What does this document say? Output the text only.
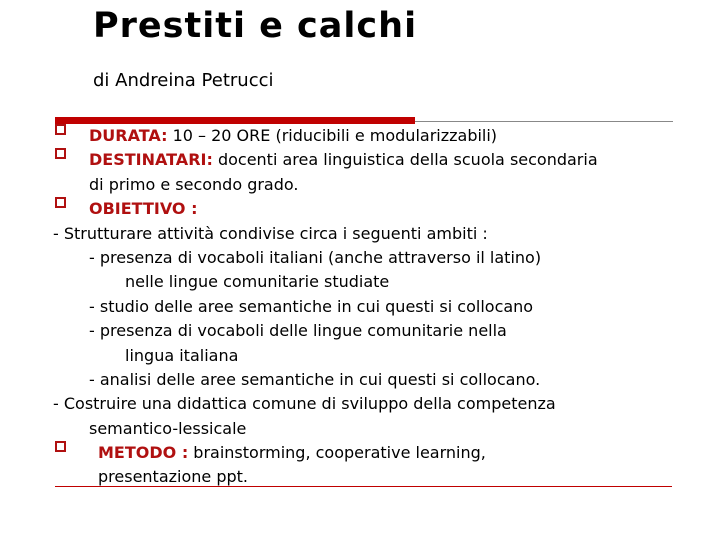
Prestiti e calchi
di Andreina Petrucci
DURATA: 10 – 20 ORE (riducibili e modularizzabili)
DESTINATARI: docenti area linguistica della scuola secondaria
di primo e secondo grado.
OBIETTIVO :
- Strutturare attività condivise circa i seguenti ambiti :
- presenza di vocaboli italiani (anche attraverso il latino)
nelle lingue comunitarie studiate
- studio delle aree semantiche in cui questi si collocano
- presenza di vocaboli delle lingue comunitarie nella
lingua italiana
- analisi delle aree semantiche in cui questi si collocano.
- Costruire una didattica comune di sviluppo della competenza
semantico-lessicale
METODO : brainstorming, cooperative learning,
presentazione ppt.
